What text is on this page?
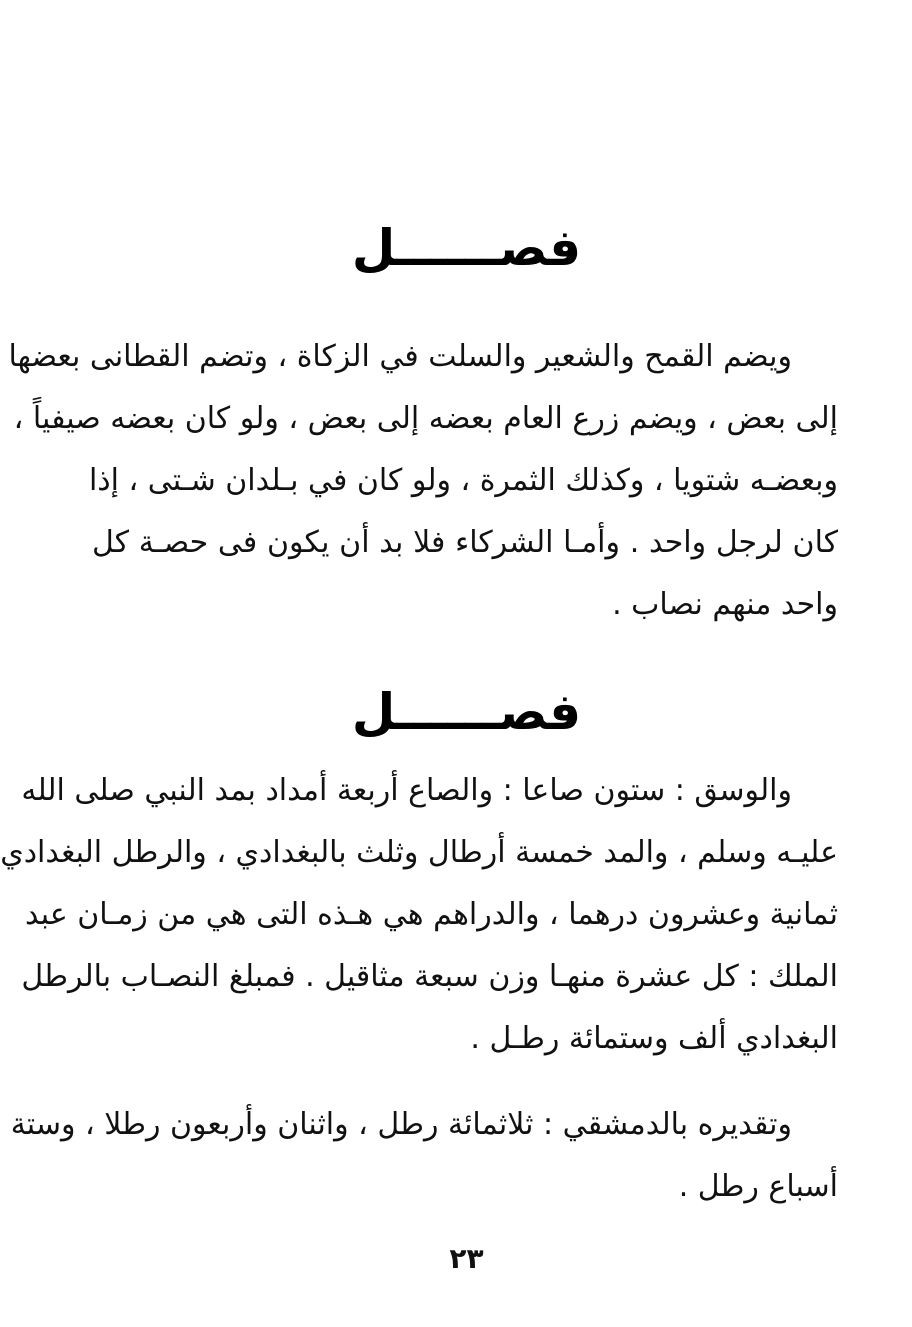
فصــــــل
ويضم القمح والشعير والسلت في الزكاة ، وتضم القطانى بعضها
إلى بعض ، ويضم زرع العام بعضه إلى بعض ، ولو كان بعضه صيفياً ،
وبعضـه شتويا ، وكذلك الثمرة ، ولو كان في بـلدان شـتى ، إذا
كان لرجل واحد . وأمـا الشركاء فلا بد أن يكون فى حصـة كل
واحد منهم نصاب .
فصــــــل
والوسق : ستون صاعا : والصاع أربعة أمداد بمد النبي صلى الله
عليـه وسلم ، والمد خمسة أرطال وثلث بالبغدادي ، والرطل البغدادي
ثمانية وعشرون درهما ، والدراهم هي هـذه التى هي من زمـان عبد
الملك : كل عشرة منهـا وزن سبعة مثاقيل . فمبلغ النصـاب بالرطل
البغدادي ألف وستمائة رطـل .
وتقديره بالدمشقي : ثلاثمائة رطل ، واثنان وأربعون رطلا ، وستة
أسباع رطل .
٢٣
